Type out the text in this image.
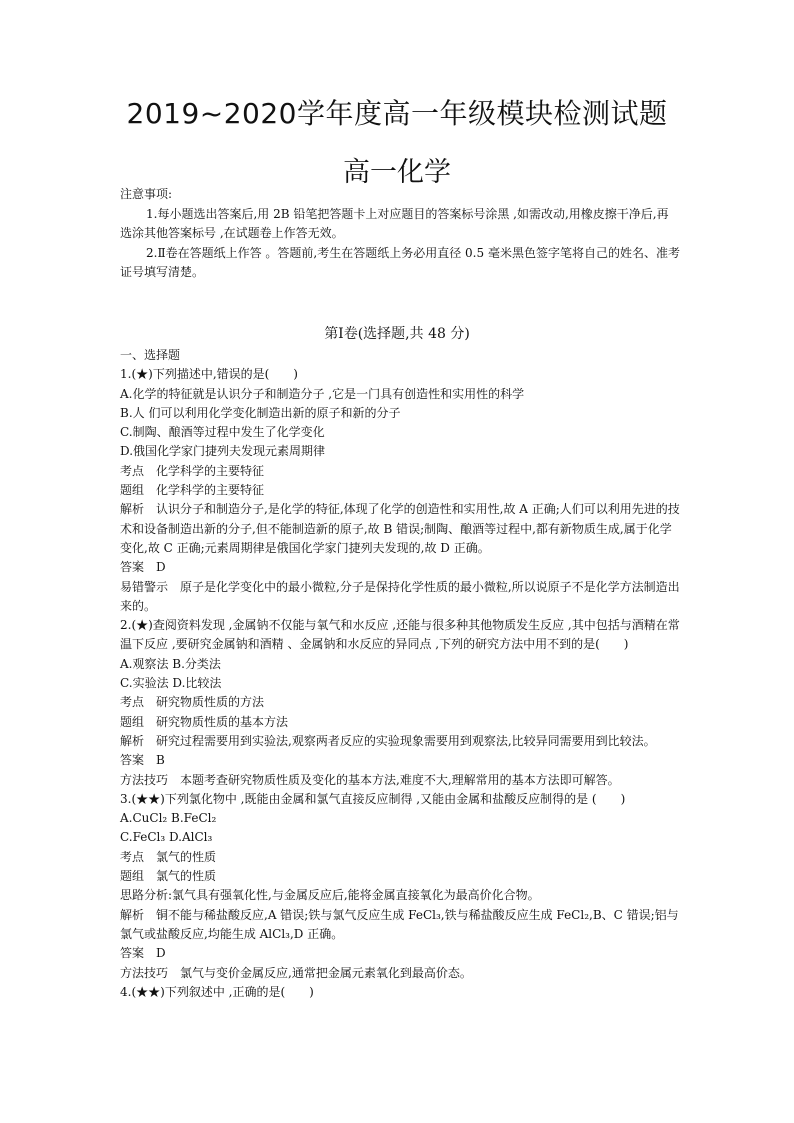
2019~2020学年度高一年级模块检测试题
高一化学

注意事项:

1.每小题选出答案后,用 2B 铅笔把答题卡上对应题目的答案标号涂黑 ,如需改动,用橡皮擦干净后,再选涂其他答案标号 ,在试题卷上作答无效。

2.Ⅱ卷在答题纸上作答 。答题前,考生在答题纸上务必用直径 0.5 毫米黑色签字笔将自己的姓名、准考证号填写清楚。

第Ⅰ卷(选择题,共 48 分)

一、选择题

1.(★)下列描述中,错误的是(　　)

A.化学的特征就是认识分子和制造分子 ,它是一门具有创造性和实用性的科学

B.人 们可以利用化学变化制造出新的原子和新的分子

C.制陶、酿酒等过程中发生了化学变化

D.俄国化学家门捷列夫发现元素周期律

考点 化学科学的主要特征

题组 化学科学的主要特征

解析 认识分子和制造分子,是化学的特征,体现了化学的创造性和实用性,故 A 正确;人们可以利用先进的技术和设备制造出新的分子,但不能制造新的原子,故 B 错误;制陶、酿酒等过程中,都有新物质生成,属于化学变化,故 C 正确;元素周期律是俄国化学家门捷列夫发现的,故 D 正确。

答案 D

易错警示 原子是化学变化中的最小微粒,分子是保持化学性质的最小微粒,所以说原子不是化学方法制造出来的。

2.(★)查阅资料发现 ,金属钠不仅能与氧气和水反应 ,还能与很多种其他物质发生反应 ,其中包括与酒精在常温下反应 ,要研究金属钠和酒精 、金属钠和水反应的异同点 ,下列的研究方法中用不到的是(　　)

A.观察法 B.分类法

C.实验法 D.比较法

考点 研究物质性质的方法

题组 研究物质性质的基本方法

解析 研究过程需要用到实验法,观察两者反应的实验现象需要用到观察法,比较异同需要用到比较法。

答案 B

方法技巧 本题考查研究物质性质及变化的基本方法,难度不大,理解常用的基本方法即可解答。

3.(★★)下列氯化物中 ,既能由金属和氯气直接反应制得 ,又能由金属和盐酸反应制得的是 (　　)

A.CuCl₂ B.FeCl₂

C.FeCl₃ D.AlCl₃

考点 氯气的性质

题组 氯气的性质

思路分析:氯气具有强氧化性,与金属反应后,能将金属直接氧化为最高价化合物。

解析 铜不能与稀盐酸反应,A 错误;铁与氯气反应生成 FeCl₃,铁与稀盐酸反应生成 FeCl₂,B、C 错误;铝与氯气或盐酸反应,均能生成 AlCl₃,D 正确。

答案 D

方法技巧 氯气与变价金属反应,通常把金属元素氧化到最高价态。

4.(★★)下列叙述中 ,正确的是(　　)
